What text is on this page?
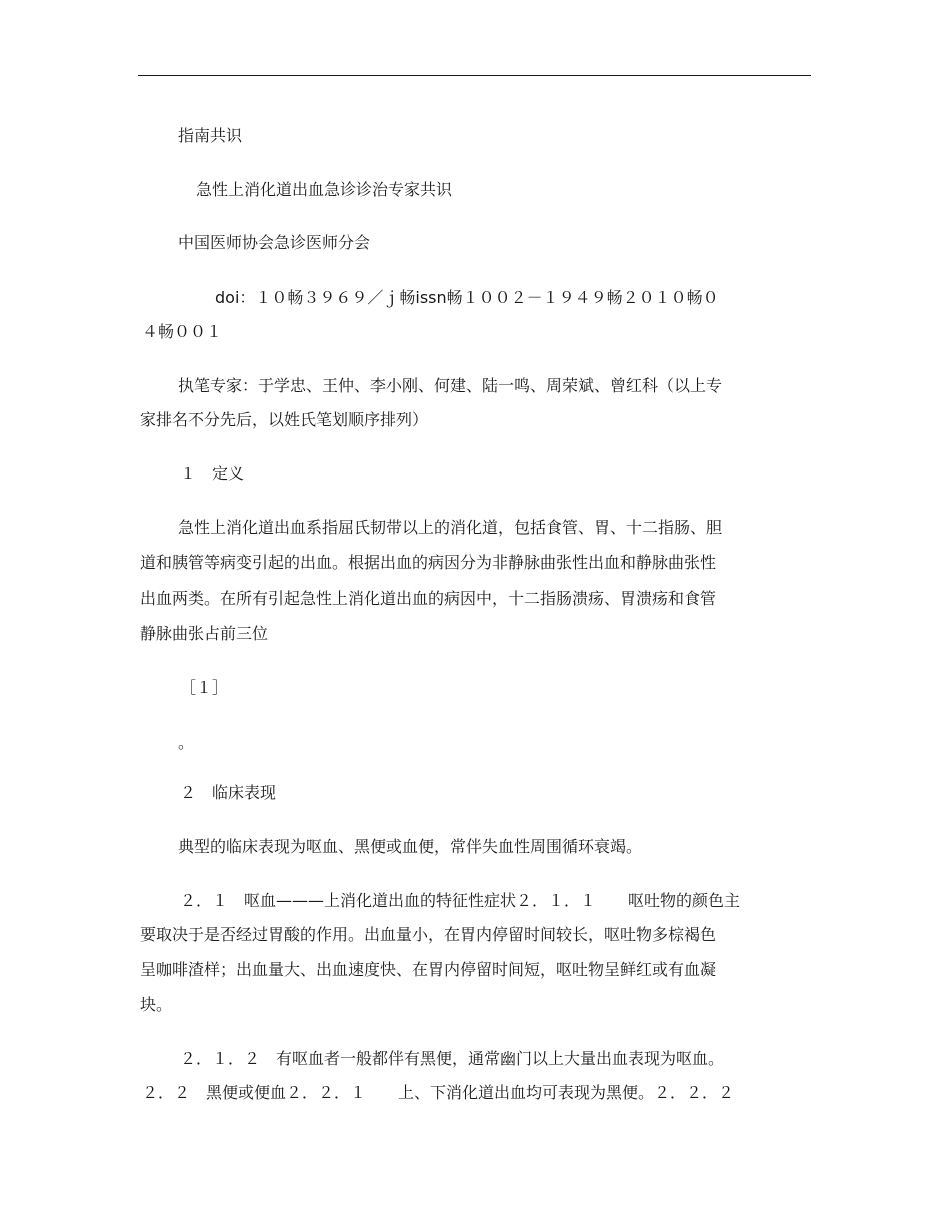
指南共识
急性上消化道出血急诊诊治专家共识
中国医师协会急诊医师分会
doi：１０畅３９６９／ｊ畅issn畅１００２－１９４９畅２０１０畅０
４畅００１
执笔专家：于学忠、王仲、李小刚、何建、陆一鸣、周荣斌、曾红科（以上专
家排名不分先后，以姓氏笔划顺序排列）
１　定义
急性上消化道出血系指屈氏韧带以上的消化道，包括食管、胃、十二指肠、胆
道和胰管等病变引起的出血。根据出血的病因分为非静脉曲张性出血和静脉曲张性
出血两类。在所有引起急性上消化道出血的病因中，十二指肠溃疡、胃溃疡和食管
静脉曲张占前三位
［１］
。
２　临床表现
典型的临床表现为呕血、黑便或血便，常伴失血性周围循环衰竭。
２．１　呕血———上消化道出血的特征性症状２．１．１　　呕吐物的颜色主
要取决于是否经过胃酸的作用。出血量小，在胃内停留时间较长，呕吐物多棕褐色
呈咖啡渣样；出血量大、出血速度快、在胃内停留时间短，呕吐物呈鲜红或有血凝
块。
２．１．２　有呕血者一般都伴有黑便，通常幽门以上大量出血表现为呕血。
２．２　黑便或便血２．２．１　　上、下消化道出血均可表现为黑便。２．２．２
